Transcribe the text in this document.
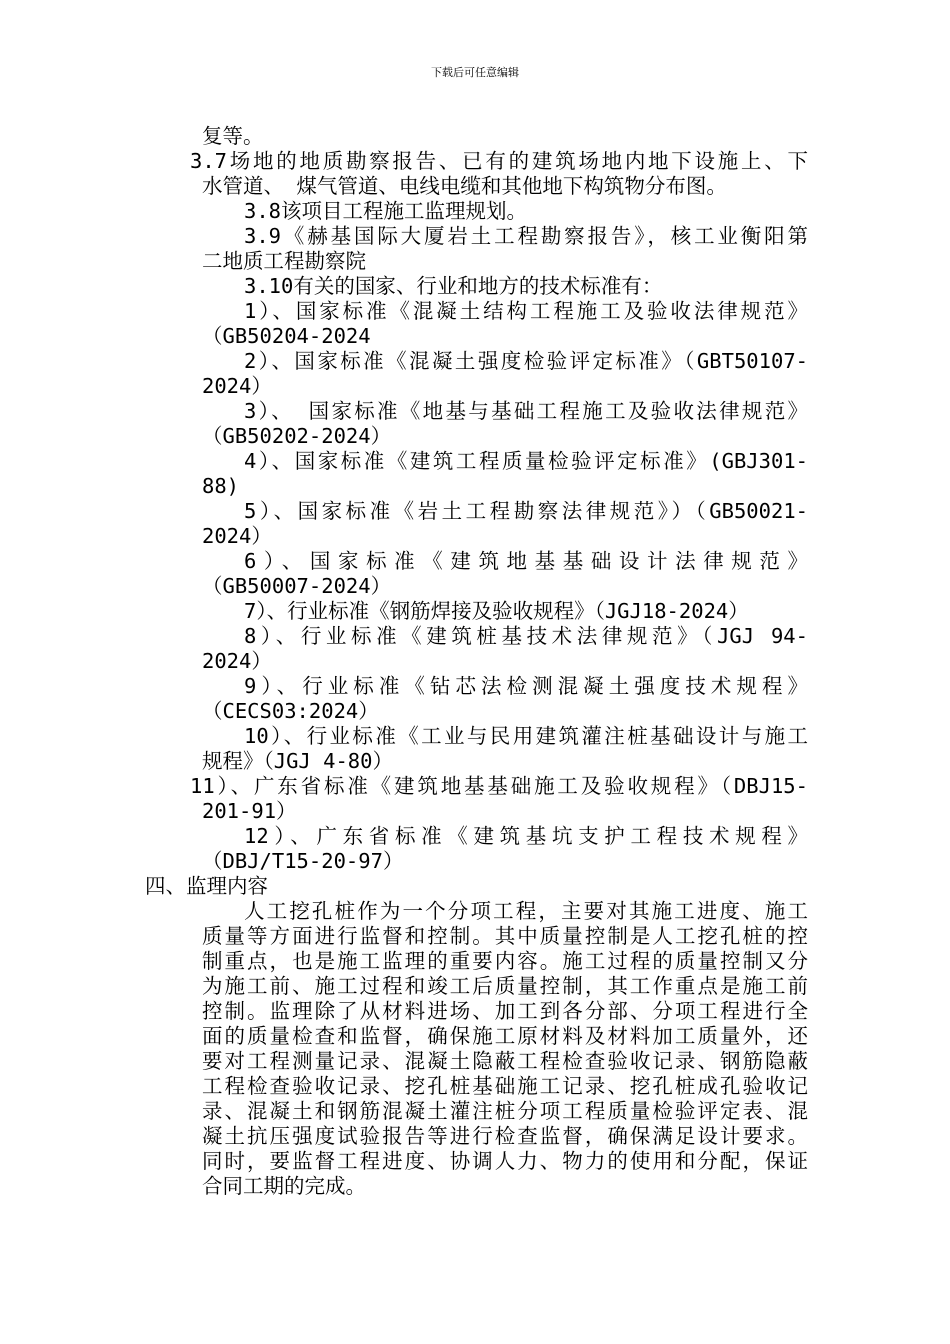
下载后可任意编辑
复等。
3.7场地的地质勘察报告、已有的建筑场地内地下设施上、下
水管道、 煤气管道、电线电缆和其他地下构筑物分布图。
3.8该项目工程施工监理规划。
3.9《赫基国际大厦岩土工程勘察报告》，核工业衡阳第
二地质工程勘察院
3.10有关的国家、行业和地方的技术标准有：
1）、国家标准《混凝土结构工程施工及验收法律规范》
（GB50204-2024
2）、国家标准《混凝土强度检验评定标准》（GBT50107-
2024）
3）、 国家标准《地基与基础工程施工及验收法律规范》
（GB50202-2024）
4）、国家标准《建筑工程质量检验评定标准》(GBJ301-
88)
5）、国家标准《岩土工程勘察法律规范》）（GB50021-
2024）
6）、国家标准《建筑地基基础设计法律规范》
（GB50007-2024）
7）、行业标准《钢筋焊接及验收规程》（JGJ18-2024）
8）、行业标准《建筑桩基技术法律规范》（JGJ 94-
2024）
9）、行业标准《钻芯法检测混凝土强度技术规程》
（CECS03:2024）
10）、行业标准《工业与民用建筑灌注桩基础设计与施工
规程》（JGJ 4-80）
11）、广东省标准《建筑地基基础施工及验收规程》（DBJ15-
201-91）
12）、广东省标准《建筑基坑支护工程技术规程》
（DBJ/T15-20-97）
四、监理内容
人工挖孔桩作为一个分项工程，主要对其施工进度、施工
质量等方面进行监督和控制。其中质量控制是人工挖孔桩的控
制重点，也是施工监理的重要内容。施工过程的质量控制又分
为施工前、施工过程和竣工后质量控制，其工作重点是施工前
控制。监理除了从材料进场、加工到各分部、分项工程进行全
面的质量检查和监督，确保施工原材料及材料加工质量外，还
要对工程测量记录、混凝土隐蔽工程检查验收记录、钢筋隐蔽
工程检查验收记录、挖孔桩基础施工记录、挖孔桩成孔验收记
录、混凝土和钢筋混凝土灌注桩分项工程质量检验评定表、混
凝土抗压强度试验报告等进行检查监督，确保满足设计要求。
同时，要监督工程进度、协调人力、物力的使用和分配，保证
合同工期的完成。
